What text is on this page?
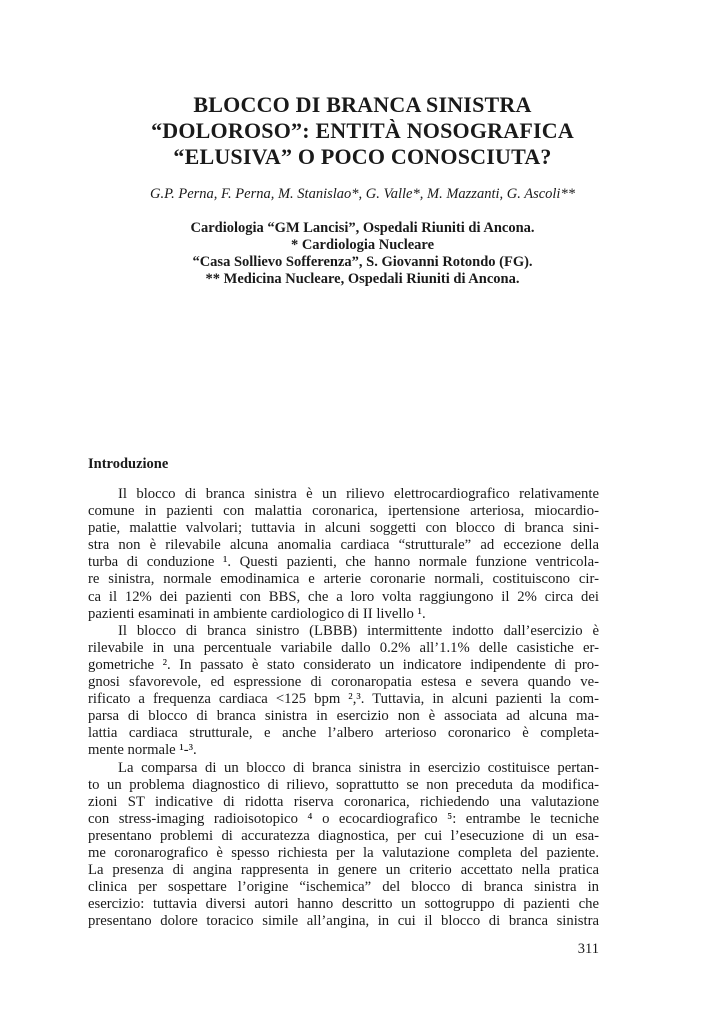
BLOCCO DI BRANCA SINISTRA
“DOLOROSO”: ENTITÀ NOSOGRAFICA
“ELUSIVA” O POCO CONOSCIUTA?
G.P. Perna, F. Perna, M. Stanislao*, G. Valle*, M. Mazzanti, G. Ascoli**
Cardiologia “GM Lancisi”, Ospedali Riuniti di Ancona.
* Cardiologia Nucleare
“Casa Sollievo Sofferenza”, S. Giovanni Rotondo (FG).
** Medicina Nucleare, Ospedali Riuniti di Ancona.
Introduzione
Il blocco di branca sinistra è un rilievo elettrocardiografico relativamente
comune in pazienti con malattia coronarica, ipertensione arteriosa, miocardio-
patie, malattie valvolari; tuttavia in alcuni soggetti con blocco di branca sini-
stra non è rilevabile alcuna anomalia cardiaca “strutturale” ad eccezione della
turba di conduzione ¹. Questi pazienti, che hanno normale funzione ventricola-
re sinistra, normale emodinamica e arterie coronarie normali, costituiscono cir-
ca il 12% dei pazienti con BBS, che a loro volta raggiungono il 2% circa dei
pazienti esaminati in ambiente cardiologico di II livello ¹.
Il blocco di branca sinistro (LBBB) intermittente indotto dall’esercizio è
rilevabile in una percentuale variabile dallo 0.2% all’1.1% delle casistiche er-
gometriche ². In passato è stato considerato un indicatore indipendente di pro-
gnosi sfavorevole, ed espressione di coronaropatia estesa e severa quando ve-
rificato a frequenza cardiaca <125 bpm ²,³. Tuttavia, in alcuni pazienti la com-
parsa di blocco di branca sinistra in esercizio non è associata ad alcuna ma-
lattia cardiaca strutturale, e anche l’albero arterioso coronarico è completa-
mente normale ¹-³.
La comparsa di un blocco di branca sinistra in esercizio costituisce pertan-
to un problema diagnostico di rilievo, soprattutto se non preceduta da modifica-
zioni ST indicative di ridotta riserva coronarica, richiedendo una valutazione
con stress-imaging radioisotopico ⁴ o ecocardiografico ⁵: entrambe le tecniche
presentano problemi di accuratezza diagnostica, per cui l’esecuzione di un esa-
me coronarografico è spesso richiesta per la valutazione completa del paziente.
La presenza di angina rappresenta in genere un criterio accettato nella pratica
clinica per sospettare l’origine “ischemica” del blocco di branca sinistra in
esercizio: tuttavia diversi autori hanno descritto un sottogruppo di pazienti che
presentano dolore toracico simile all’angina, in cui il blocco di branca sinistra
311
